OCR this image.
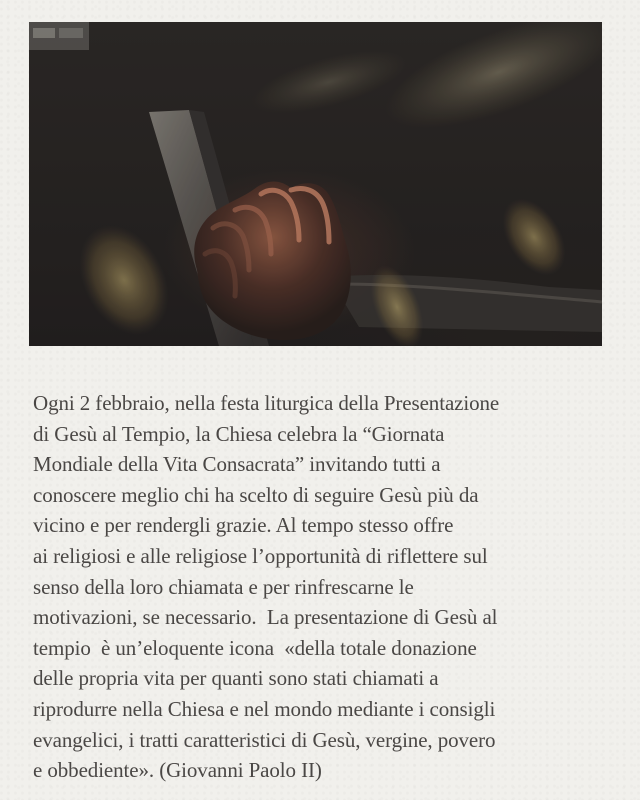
Ogni 2 febbraio, nella festa liturgica della Presentazione
di Gesù al Tempio, la Chiesa celebra la “Giornata
Mondiale della Vita Consacrata” invitando tutti a
conoscere meglio chi ha scelto di seguire Gesù più da
vicino e per rendergli grazie. Al tempo stesso offre
ai religiosi e alle religiose l’opportunità di riflettere sul
senso della loro chiamata e per rinfrescarne le
motivazioni, se necessario.  La presentazione di Gesù al
tempio  è un’eloquente icona  «della totale donazione
delle propria vita per quanti sono stati chiamati a
riprodurre nella Chiesa e nel mondo mediante i consigli
evangelici, i tratti caratteristici di Gesù, vergine, povero
e obbediente». (Giovanni Paolo II)
